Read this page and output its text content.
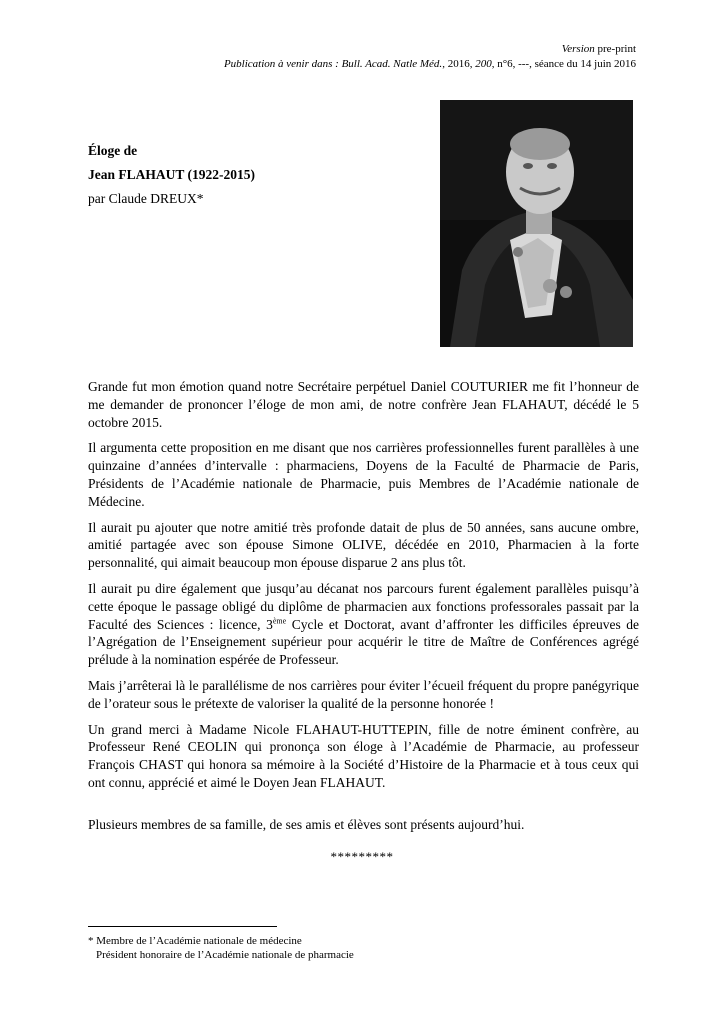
Version pre-print
Publication à venir dans : Bull. Acad. Natle Méd., 2016, 200, n°6, ---, séance du 14 juin 2016
Éloge de
Jean FLAHAUT (1922-2015)
par Claude DREUX*

Grande fut mon émotion quand notre Secrétaire perpétuel Daniel COUTURIER me fit l’honneur de me demander de prononcer l’éloge de mon ami, de notre confrère Jean FLAHAUT, décédé le 5 octobre 2015.

Il argumenta cette proposition en me disant que nos carrières professionnelles furent parallèles à une quinzaine d’années d’intervalle : pharmaciens, Doyens de la Faculté de Pharmacie de Paris, Présidents de l’Académie nationale de Pharmacie, puis Membres de l’Académie nationale de Médecine.

Il aurait pu ajouter que notre amitié très profonde datait de plus de 50 années, sans aucune ombre, amitié partagée avec son épouse Simone OLIVE, décédée en 2010, Pharmacien à la forte personnalité, qui aimait beaucoup mon épouse disparue 2 ans plus tôt.

Il aurait pu dire également que jusqu’au décanat nos parcours furent également parallèles puisqu’à cette époque le passage obligé du diplôme de pharmacien aux fonctions professorales passait par la Faculté des Sciences : licence, 3ème Cycle et Doctorat, avant d’affronter les difficiles épreuves de l’Agrégation de l’Enseignement supérieur pour acquérir le titre de Maître de Conférences agrégé prélude à la nomination espérée de Professeur.

Mais j’arrêterai là le parallélisme de nos carrières pour éviter l’écueil fréquent du propre panégyrique de l’orateur sous le prétexte de valoriser la qualité de la personne honorée !

Un grand merci à Madame Nicole FLAHAUT-HUTTEPIN, fille de notre éminent confrère, au Professeur René CEOLIN qui prononça son éloge à l’Académie de Pharmacie, au professeur François CHAST qui honora sa mémoire à la Société d’Histoire de la Pharmacie et à tous ceux qui ont connu, apprécié et aimé le Doyen Jean FLAHAUT.

Plusieurs membres de sa famille, de ses amis et élèves sont présents aujourd’hui.

*********
* Membre de l’Académie nationale de médecine
Président honoraire de l’Académie nationale de pharmacie
